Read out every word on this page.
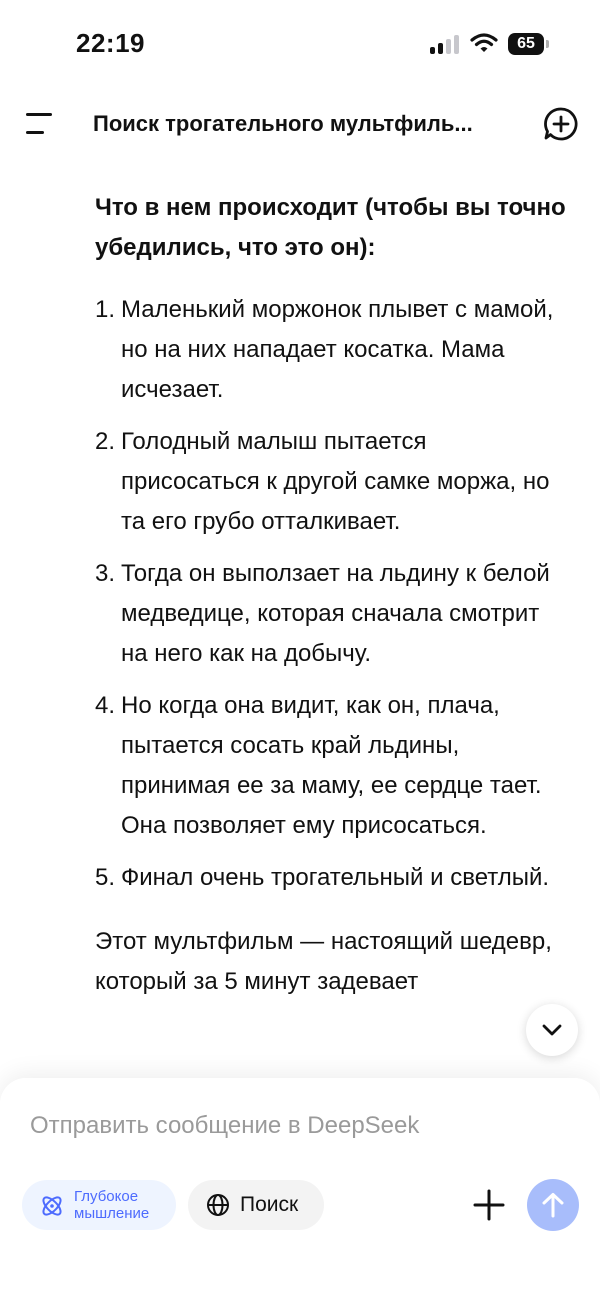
22:19	65
Поиск трогательного мультфиль...

Что в нем происходит (чтобы вы точно убедились, что это он):

1. Маленький моржонок плывет с мамой, но на них нападает косатка. Мама исчезает.
2. Голодный малыш пытается присосаться к другой самке моржа, но та его грубо отталкивает.
3. Тогда он выползает на льдину к белой медведице, которая сначала смотрит на него как на добычу.
4. Но когда она видит, как он, плача, пытается сосать край льдины, принимая ее за маму, ее сердце тает. Она позволяет ему присосаться.
5. Финал очень трогательный и светлый.

Этот мультфильм — настоящий шедевр, который за 5 минут задевает

Отправить сообщение в DeepSeek
Глубокое мышление	Поиск
